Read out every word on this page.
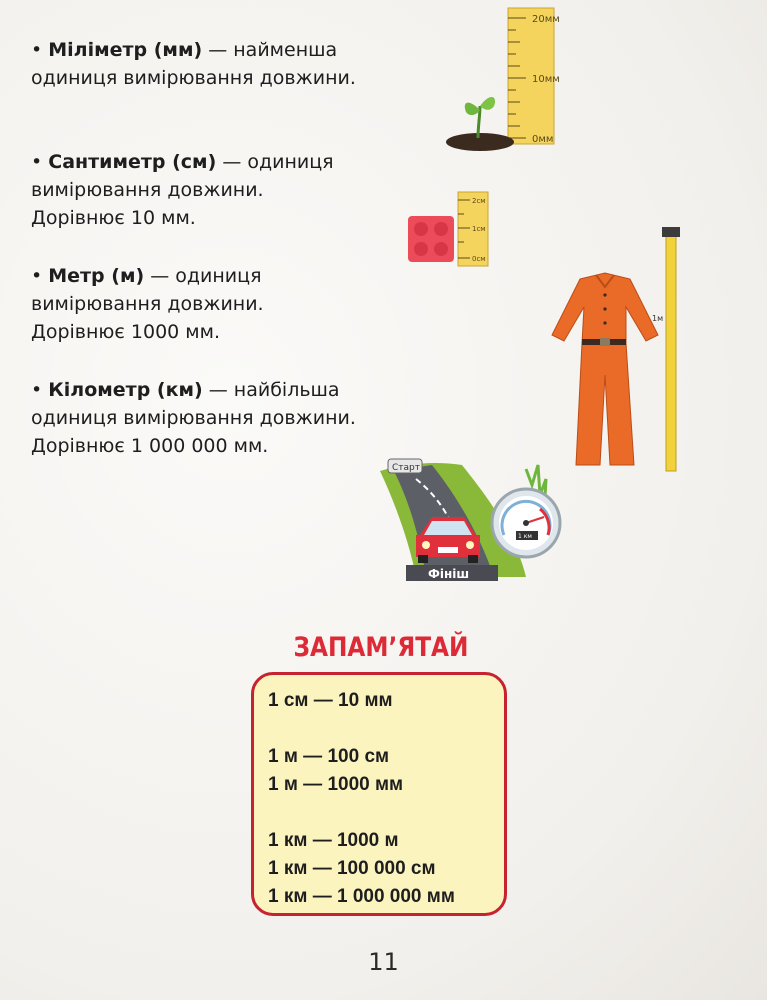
• Міліметр (мм) — найменша одиниця вимірювання довжини.

• Сантиметр (см) — одиниця вимірювання довжини.
Дорівнює 10 мм.

• Метр (м) — одиниця вимірювання довжини.
Дорівнює 1000 мм.

• Кілометр (км) — найбільша одиниця вимірювання довжини.
Дорівнює 1 000 000 мм.

20мм
10мм
0мм
2см
1см
0см
1м
Старт
Фініш
1 км
ЗАПАМ’ЯТАЙ
1 см — 10 мм
1 м — 100 см
1 м — 1000 мм
1 км — 1000 м
1 км — 100 000 см
1 км — 1 000 000 мм
11
